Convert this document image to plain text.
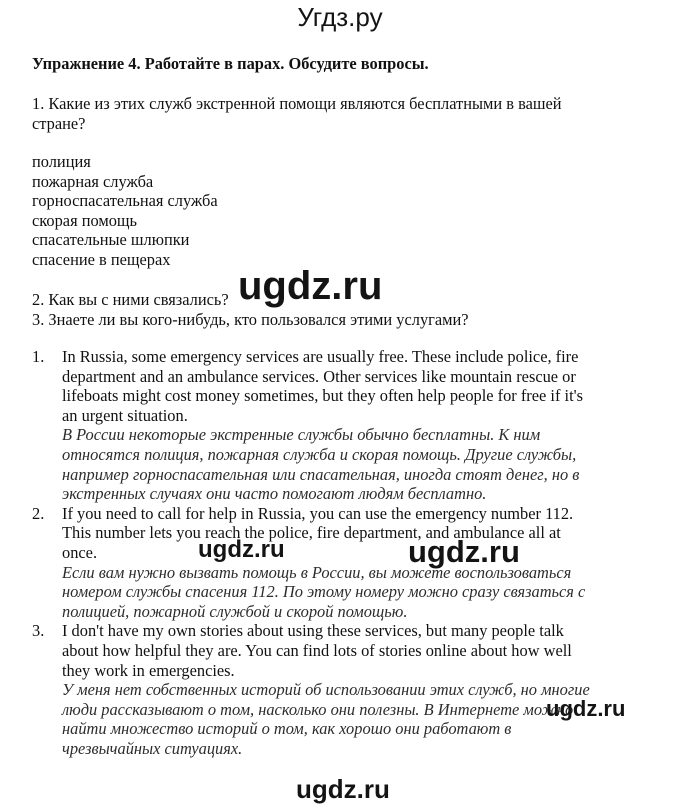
Угдз.ру
Упражнение 4. Работайте в парах. Обсудите вопросы.
1. Какие из этих служб экстренной помощи являются бесплатными в вашей
стране?
полиция
пожарная служба
горноспасательная служба
скорая помощь
спасательные шлюпки
спасение в пещерах
2. Как вы с ними связались?
3. Знаете ли вы кого-нибудь, кто пользовался этими услугами?
1. In Russia, some emergency services are usually free. These include police, fire
department and an ambulance services. Other services like mountain rescue or
lifeboats might cost money sometimes, but they often help people for free if it's
an urgent situation.
В России некоторые экстренные службы обычно бесплатны. К ним
относятся полиция, пожарная служба и скорая помощь. Другие службы,
например горноспасательная или спасательная, иногда стоят денег, но в
экстренных случаях они часто помогают людям бесплатно.
2. If you need to call for help in Russia, you can use the emergency number 112.
This number lets you reach the police, fire department, and ambulance all at
once.
Если вам нужно вызвать помощь в России, вы можете воспользоваться
номером службы спасения 112. По этому номеру можно сразу связаться с
полицией, пожарной службой и скорой помощью.
3. I don't have my own stories about using these services, but many people talk
about how helpful they are. You can find lots of stories online about how well
they work in emergencies.
У меня нет собственных историй об использовании этих служб, но многие
люди рассказывают о том, насколько они полезны. В Интернете можно
найти множество историй о том, как хорошо они работают в
чрезвычайных ситуациях.
ugdz.ru
ugdz.ru	ugdz.ru
ugdz.ru
ugdz.ru
